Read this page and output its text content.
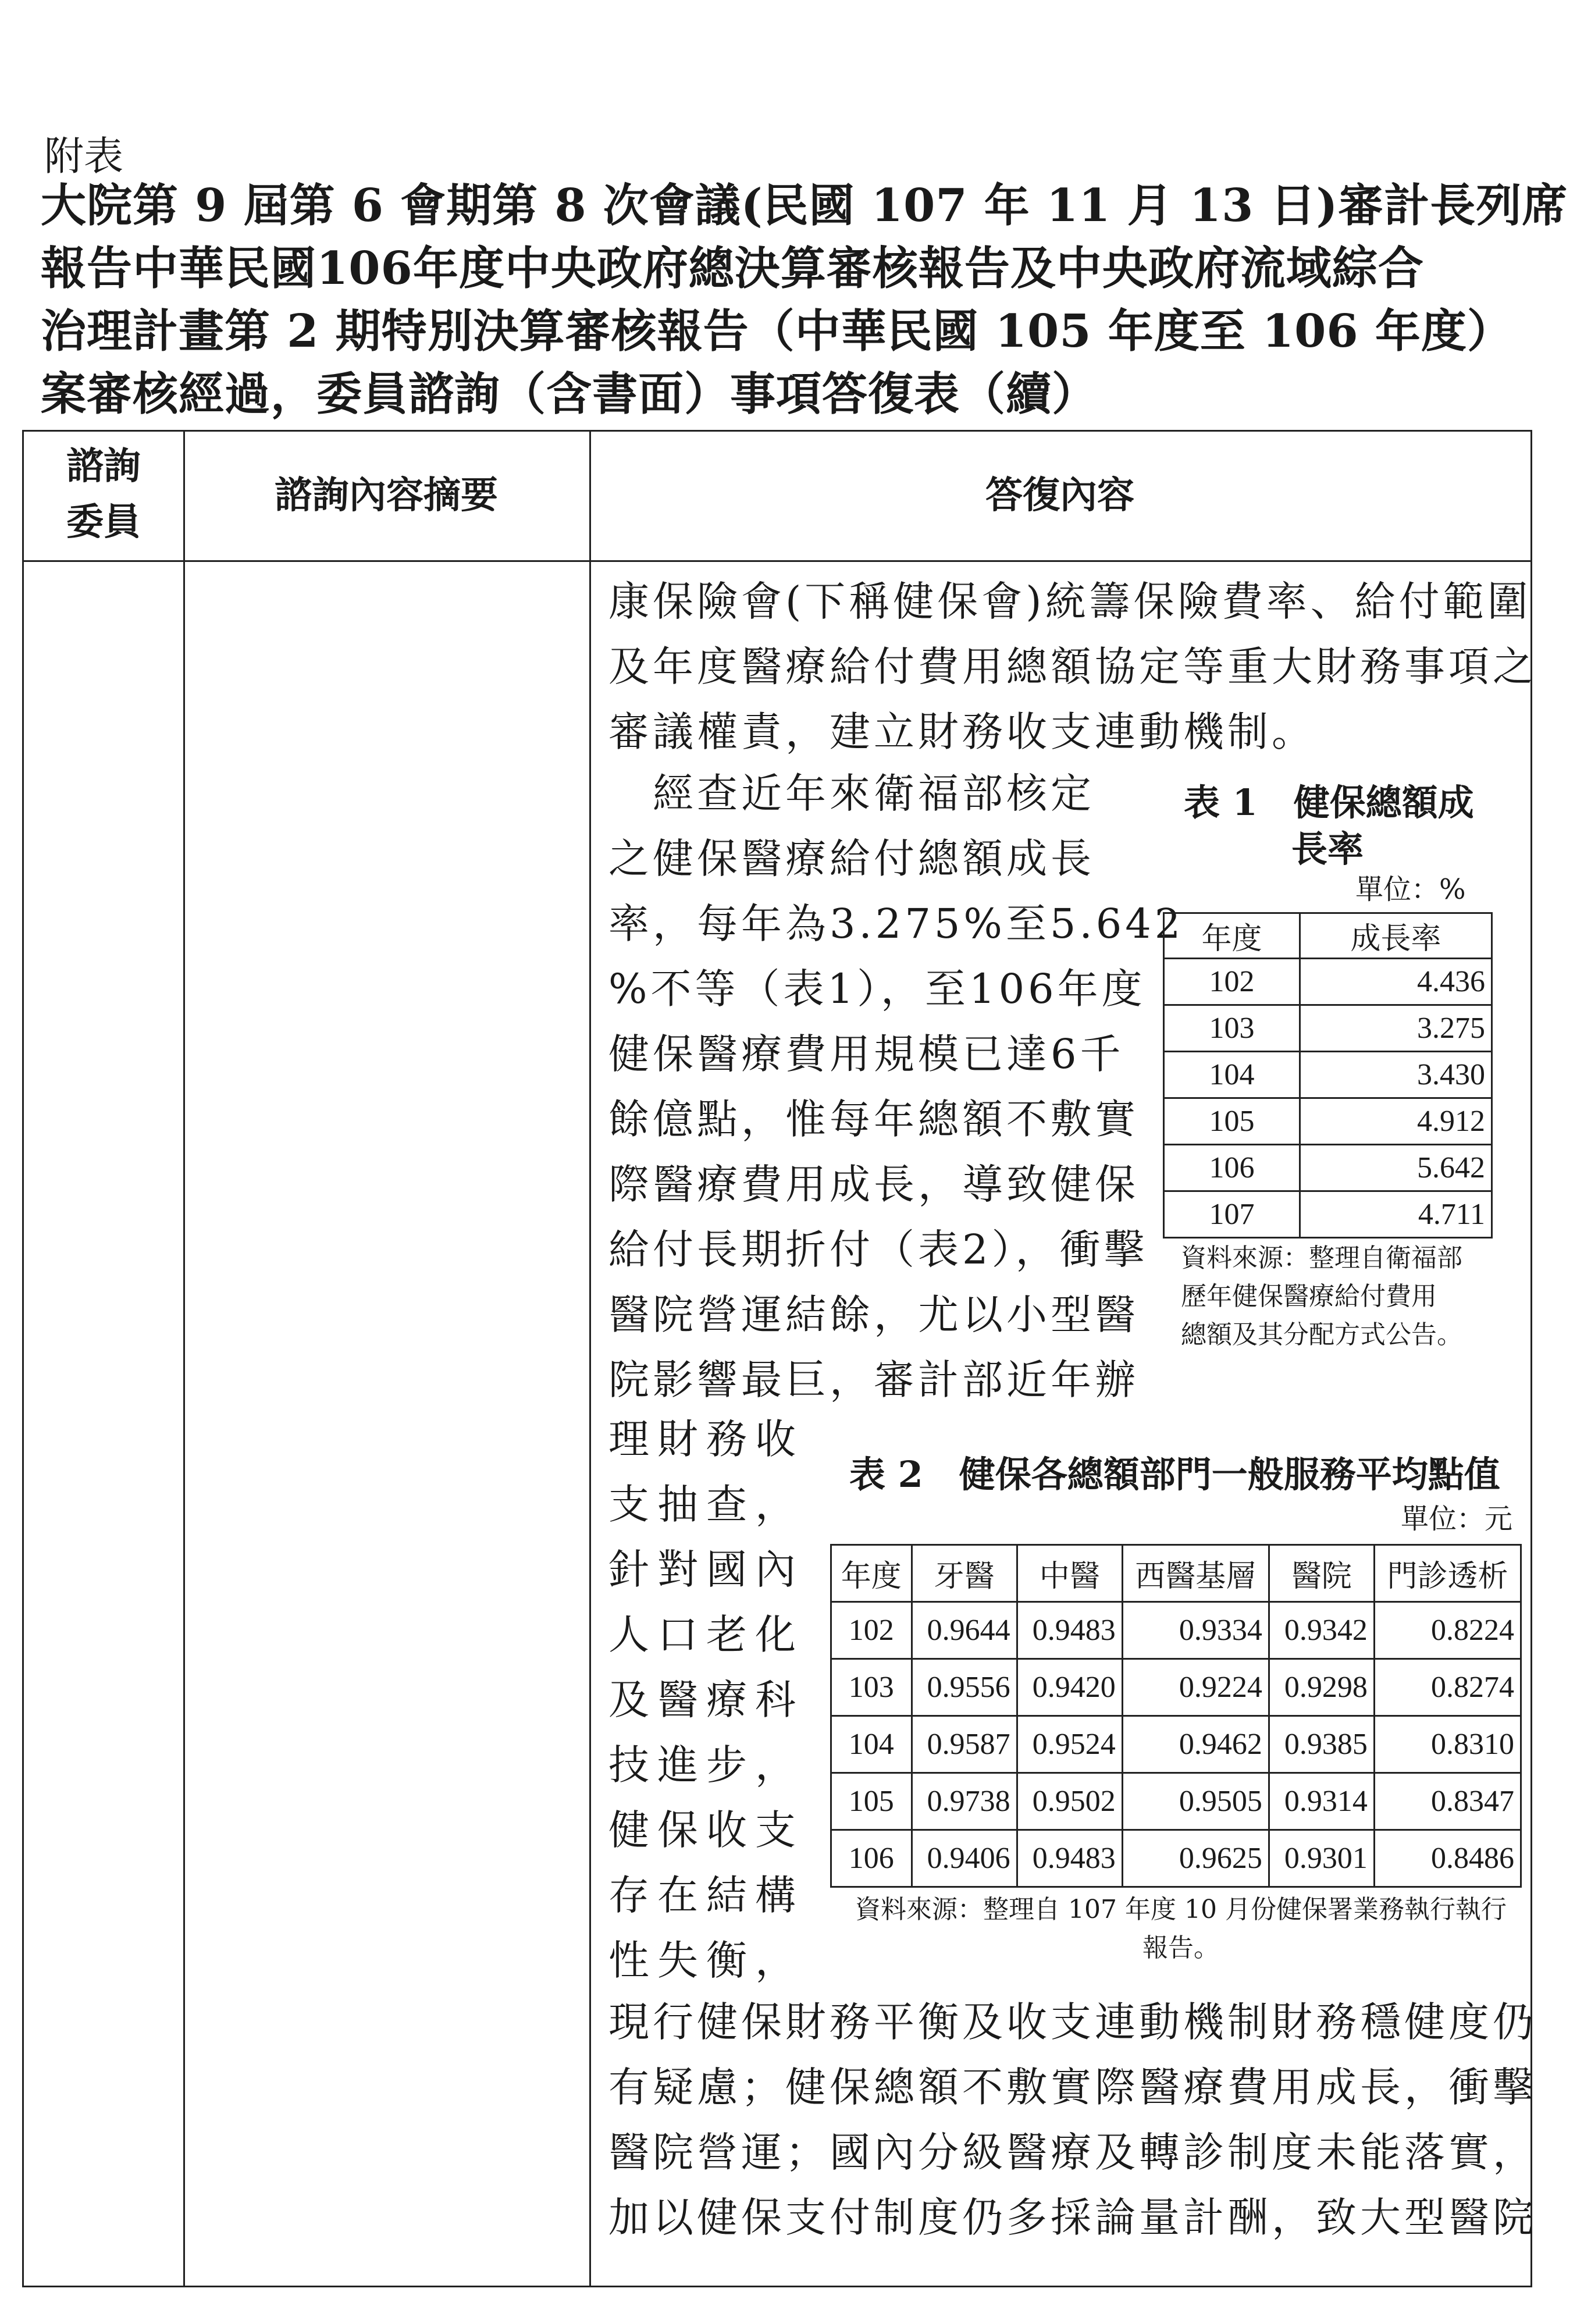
附表
大院第 9 屆第 6 會期第 8 次會議(民國 107 年 11 月 13 日)審計長列席
報告中華民國106年度中央政府總決算審核報告及中央政府流域綜合
治理計畫第 2 期特別決算審核報告（中華民國 105 年度至 106 年度）
案審核經過，委員諮詢（含書面）事項答復表（續）
諮詢
委員
諮詢內容摘要	答復內容
康保險會(下稱健保會)統籌保險費率、給付範圍
及年度醫療給付費用總額協定等重大財務事項之
審議權責，建立財務收支連動機制。
　經查近年來衛福部核定
之健保醫療給付總額成長
率，每年為3.275%至5.642
%不等（表1），至106年度
健保醫療費用規模已達6千
餘億點，惟每年總額不敷實
際醫療費用成長，導致健保
給付長期折付（表2），衝擊
醫院營運結餘，尤以小型醫
院影響最巨，審計部近年辦
理財務收
支抽查，
針對國內
人口老化
及醫療科
技進步，
健保收支
存在結構
性失衡，
現行健保財務平衡及收支連動機制財務穩健度仍
有疑慮；健保總額不敷實際醫療費用成長，衝擊
醫院營運；國內分級醫療及轉診制度未能落實，
加以健保支付制度仍多採論量計酬，致大型醫院
表 1　健保總額成
長率
單位：%
年度	成長率
102	4.436
103	3.275
104	3.430
105	4.912
106	5.642
107	4.711
資料來源：整理自衛福部
歷年健保醫療給付費用
總額及其分配方式公告。
表 2　健保各總額部門一般服務平均點值
單位：元
年度	牙醫	中醫	西醫基層	醫院	門診透析
102	0.9644	0.9483	0.9334	0.9342	0.8224
103	0.9556	0.9420	0.9224	0.9298	0.8274
104	0.9587	0.9524	0.9462	0.9385	0.8310
105	0.9738	0.9502	0.9505	0.9314	0.8347
106	0.9406	0.9483	0.9625	0.9301	0.8486
資料來源：整理自 107 年度 10 月份健保署業務執行執行
報告。
